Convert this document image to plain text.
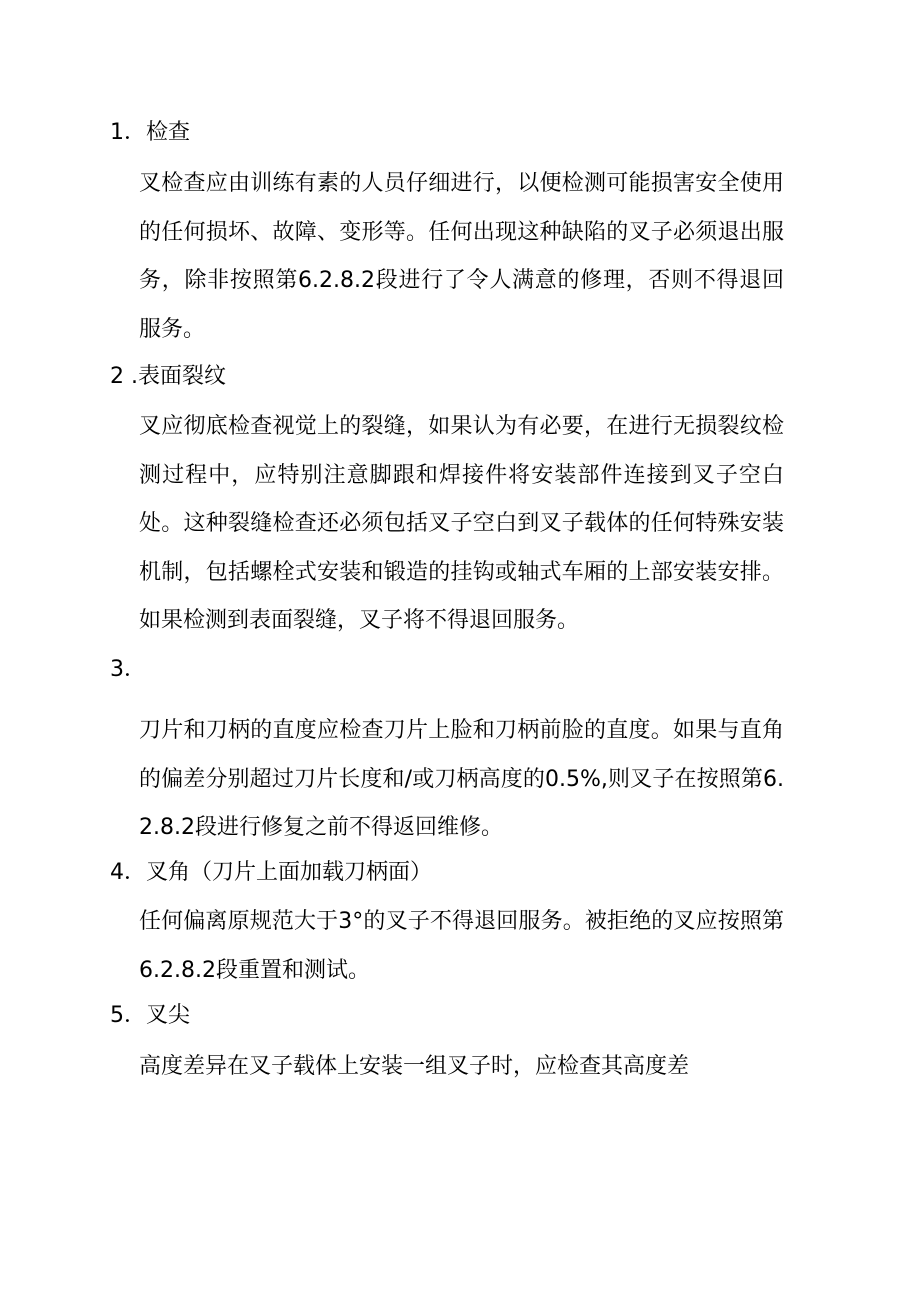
1．检查

叉检查应由训练有素的人员仔细进行，以便检测可能损害安全使用的任何损坏、故障、变形等。任何出现这种缺陷的叉子必须退出服务，除非按照第6.2.8.2段进行了令人满意的修理，否则不得退回服务。

2 .表面裂纹

叉应彻底检查视觉上的裂缝，如果认为有必要，在进行无损裂纹检测过程中，应特别注意脚跟和焊接件将安装部件连接到叉子空白处。这种裂缝检查还必须包括叉子空白到叉子载体的任何特殊安装机制，包括螺栓式安装和锻造的挂钩或轴式车厢的上部安装安排。如果检测到表面裂缝，叉子将不得退回服务。

3．

刀片和刀柄的直度应检查刀片上脸和刀柄前脸的直度。如果与直角的偏差分别超过刀片长度和/或刀柄高度的0.5%,则叉子在按照第6.2.8.2段进行修复之前不得返回维修。

4．叉角（刀片上面加载刀柄面）

任何偏离原规范大于3°的叉子不得退回服务。被拒绝的叉应按照第6.2.8.2段重置和测试。

5．叉尖

高度差异在叉子载体上安装一组叉子时，应检查其高度差
